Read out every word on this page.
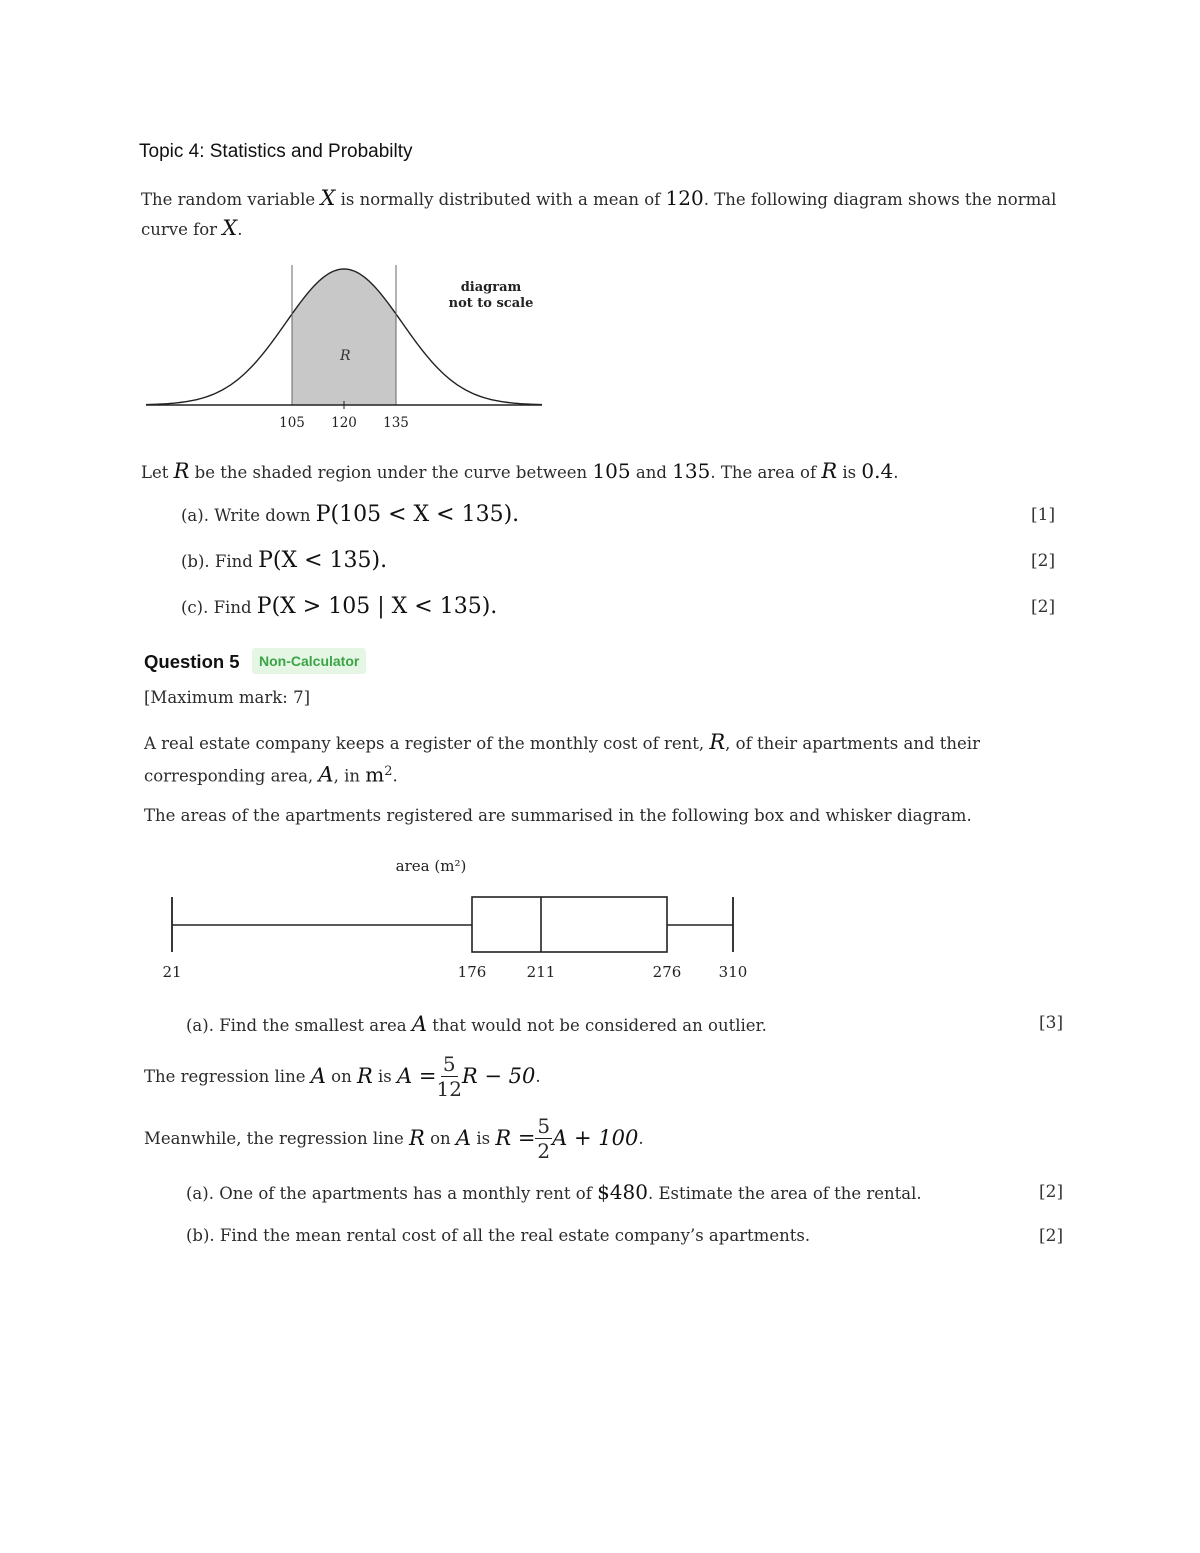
Topic 4: Statistics and Probabilty
The random variable X is normally distributed with a mean of 120. The following diagram shows the normal
curve for X.
R
diagram
not to scale
105 120 135
Let R be the shaded region under the curve between 105 and 135. The area of R is 0.4.
(a). Write down P(105 < X < 135).	[1]
(b). Find P(X < 135).	[2]
(c). Find P(X > 105 | X < 135).	[2]
Question 5	Non-Calculator
[Maximum mark: 7]
A real estate company keeps a register of the monthly cost of rent, R, of their apartments and their
corresponding area, A, in $m^2$.
The areas of the apartments registered are summarised in the following box and whisker diagram.
area (m²)
21	176	211	276 310
(a). Find the smallest area A that would not be considered an outlier.	[3]
The regression line
A
on
R
is
$A = \frac{5}{12}$ R − 50 .
Meanwhile, the regression line
R
on
A
is
$R = \frac{5}{2}$ A + 100 .
(a). One of the apartments has a monthly rent of $480. Estimate the area of the rental.	[2]
(b). Find the mean rental cost of all the real estate company’s apartments.	[2]
